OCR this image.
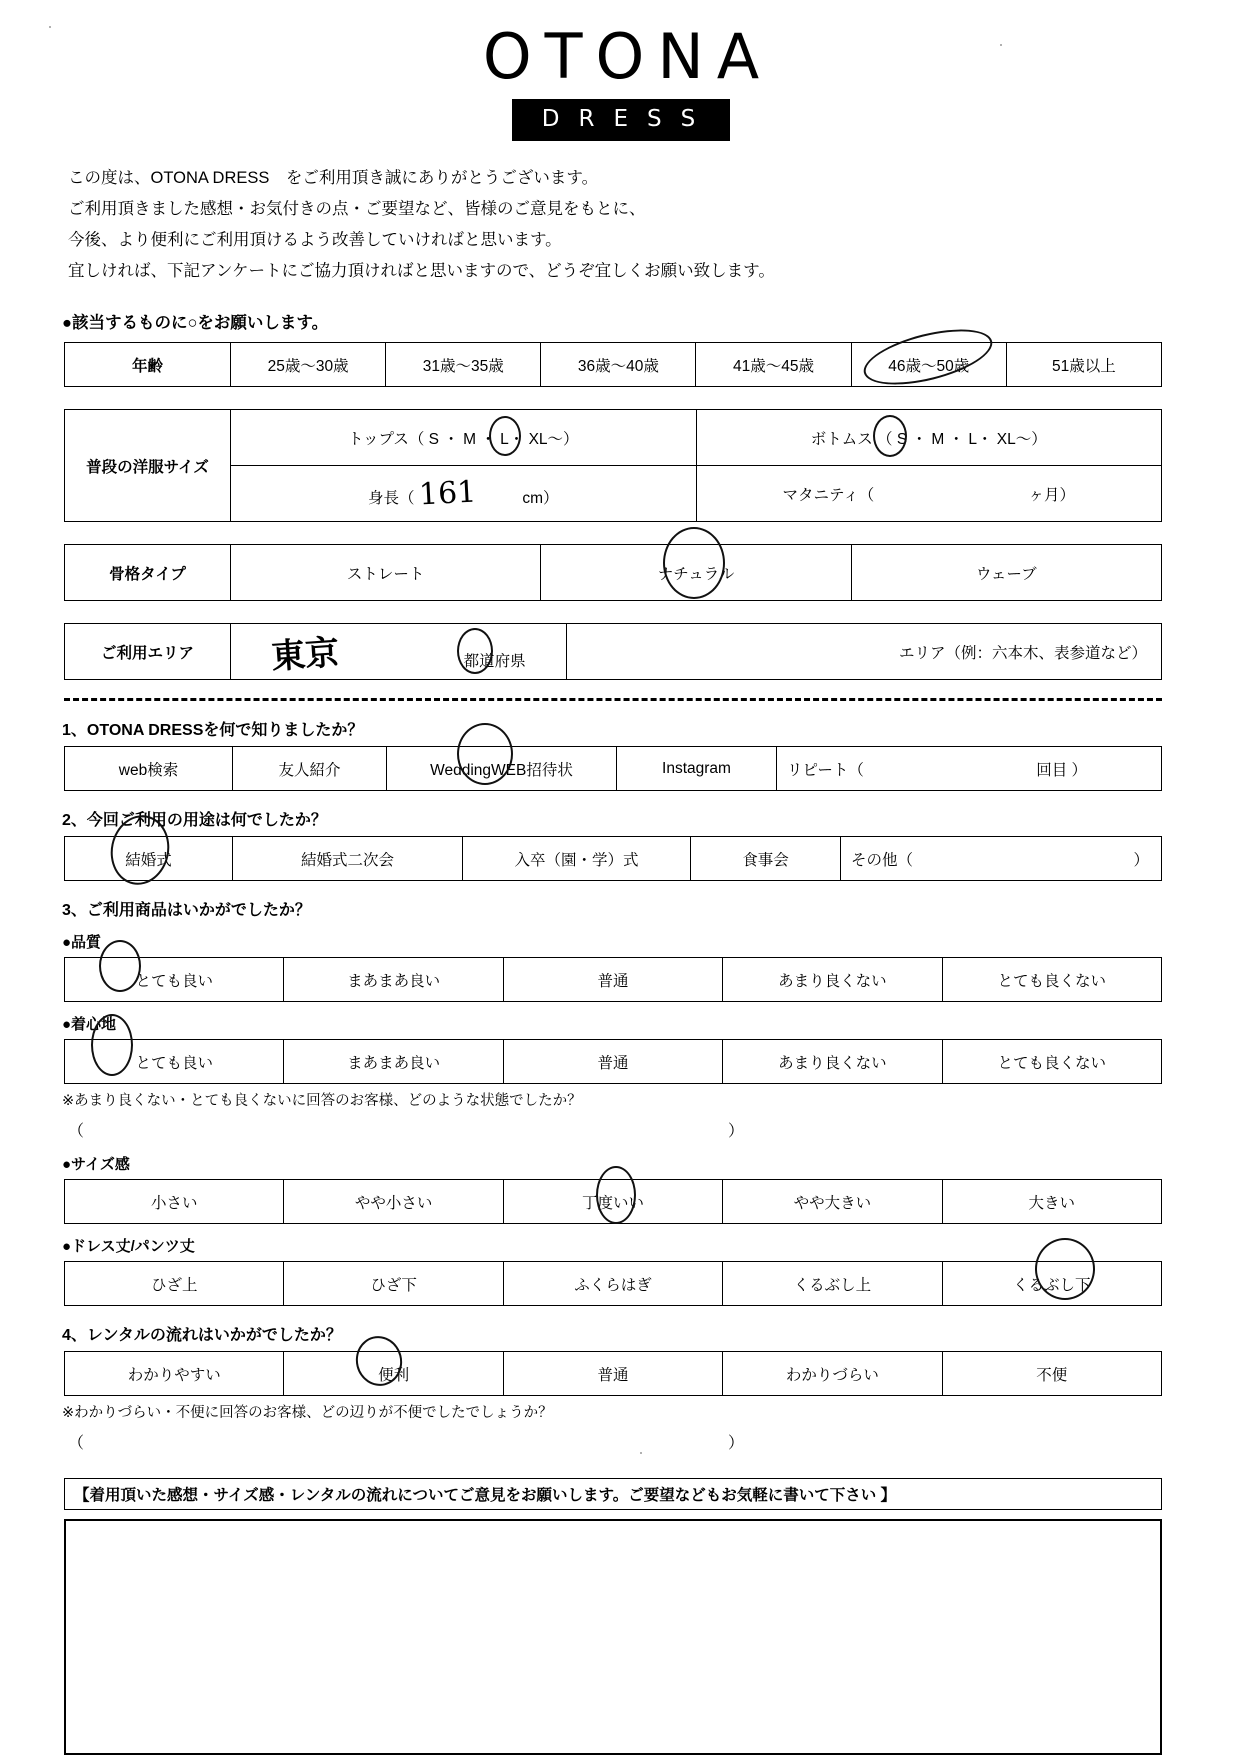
OTONA
DRESS
この度は、OTONA DRESS　をご利用頂き誠にありがとうございます。
ご利用頂きました感想・お気付きの点・ご要望など、皆様のご意見をもとに、
今後、より便利にご利用頂けるよう改善していければと思います。
宜しければ、下記アンケートにご協力頂ければと思いますので、どうぞ宜しくお願い致します。
●該当するものに○をお願いします。
年齢	25歳〜30歳	31歳〜35歳	36歳〜40歳	41歳〜45歳	46歳〜50歳	51歳以上
普段の洋服サイズ	トップス（ S ・ M ・ L・ XL〜）	ボトムス （ S ・ M ・ L・ XL〜）

	身長（ 161 cm）	マタニティ（ ヶ月）
骨格タイプ	ストレート	ナチュラル	ウェーブ
ご利用エリア	東京	都道府県	エリア（例：六本木、表参道など）
1、OTONA DRESSを何で知りましたか？
web検索	友人紹介	WeddingWEB招待状	Instagram	リピート（	回目 ）
2、今回ご利用の用途は何でしたか？
結婚式	結婚式二次会	入卒（園・学）式	食事会	その他（	）
3、ご利用商品はいかがでしたか？
●品質
とても良い	まあまあ良い	普通	あまり良くない	とても良くない
●着心地
とても良い	まあまあ良い	普通	あまり良くない	とても良くない
※あまり良くない・とても良くないに回答のお客様、どのような状態でしたか？
（	）
●サイズ感
小さい	やや小さい	丁度いい	やや大きい	大きい
●ドレス丈/パンツ丈
ひざ上	ひざ下	ふくらはぎ	くるぶし上	くるぶし下
4、レンタルの流れはいかがでしたか？
わかりやすい	便利	普通	わかりづらい	不便
※わかりづらい・不便に回答のお客様、どの辺りが不便でしたでしょうか？
（	）
【着用頂いた感想・サイズ感・レンタルの流れについてご意見をお願いします。ご要望などもお気軽に書いて下さい 】
